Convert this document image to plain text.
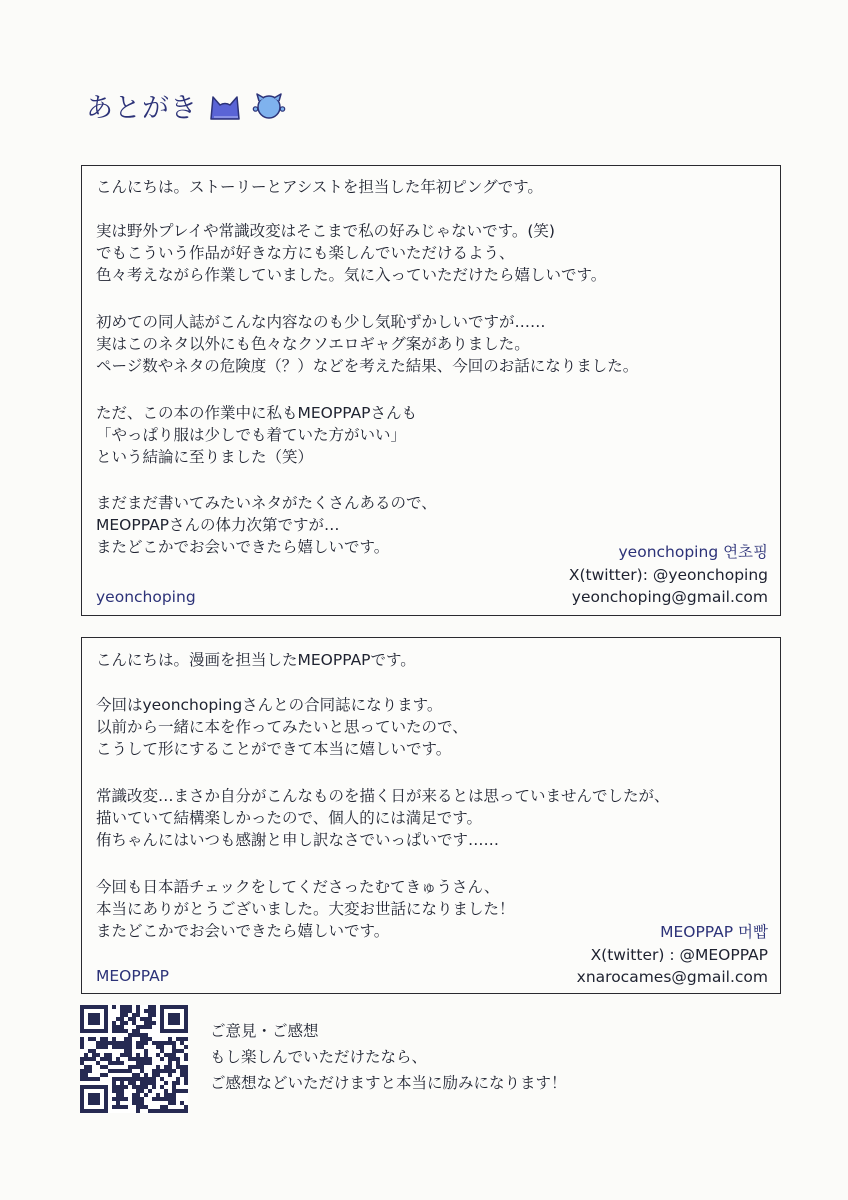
あとがき

こんにちは。ストーリーとアシストを担当した年初ピングです。

実は野外プレイや常識改変はそこまで私の好みじゃないです。(笑)
でもこういう作品が好きな方にも楽しんでいただけるよう、
色々考えながら作業していました。気に入っていただけたら嬉しいです。

初めての同人誌がこんな内容なのも少し気恥ずかしいですが……
実はこのネタ以外にも色々なクソエロギャグ案がありました。
ページ数やネタの危険度（？）などを考えた結果、今回のお話になりました。

ただ、この本の作業中に私もMEOPPAPさんも
「やっぱり服は少しでも着ていた方がいい」
という結論に至りました（笑）

まだまだ書いてみたいネタがたくさんあるので、
MEOPPAPさんの体力次第ですが…
またどこかでお会いできたら嬉しいです。

yeonchoping
yeonchoping 연초핑
X(twitter): @yeonchoping
yeonchoping@gmail.com

こんにちは。漫画を担当したMEOPPAPです。

今回はyeonchopingさんとの合同誌になります。
以前から一緒に本を作ってみたいと思っていたので、
こうして形にすることができて本当に嬉しいです。

常識改変…まさか自分がこんなものを描く日が来るとは思っていませんでしたが、
描いていて結構楽しかったので、個人的には満足です。
侑ちゃんにはいつも感謝と申し訳なさでいっぱいです……

今回も日本語チェックをしてくださったむてきゅうさん、
本当にありがとうございました。大変お世話になりました！
またどこかでお会いできたら嬉しいです。

MEOPPAP
MEOPPAP 머빱
X(twitter) : @MEOPPAP
xnarocames@gmail.com
ご意見・ご感想
もし楽しんでいただけたなら、
ご感想などいただけますと本当に励みになります！
